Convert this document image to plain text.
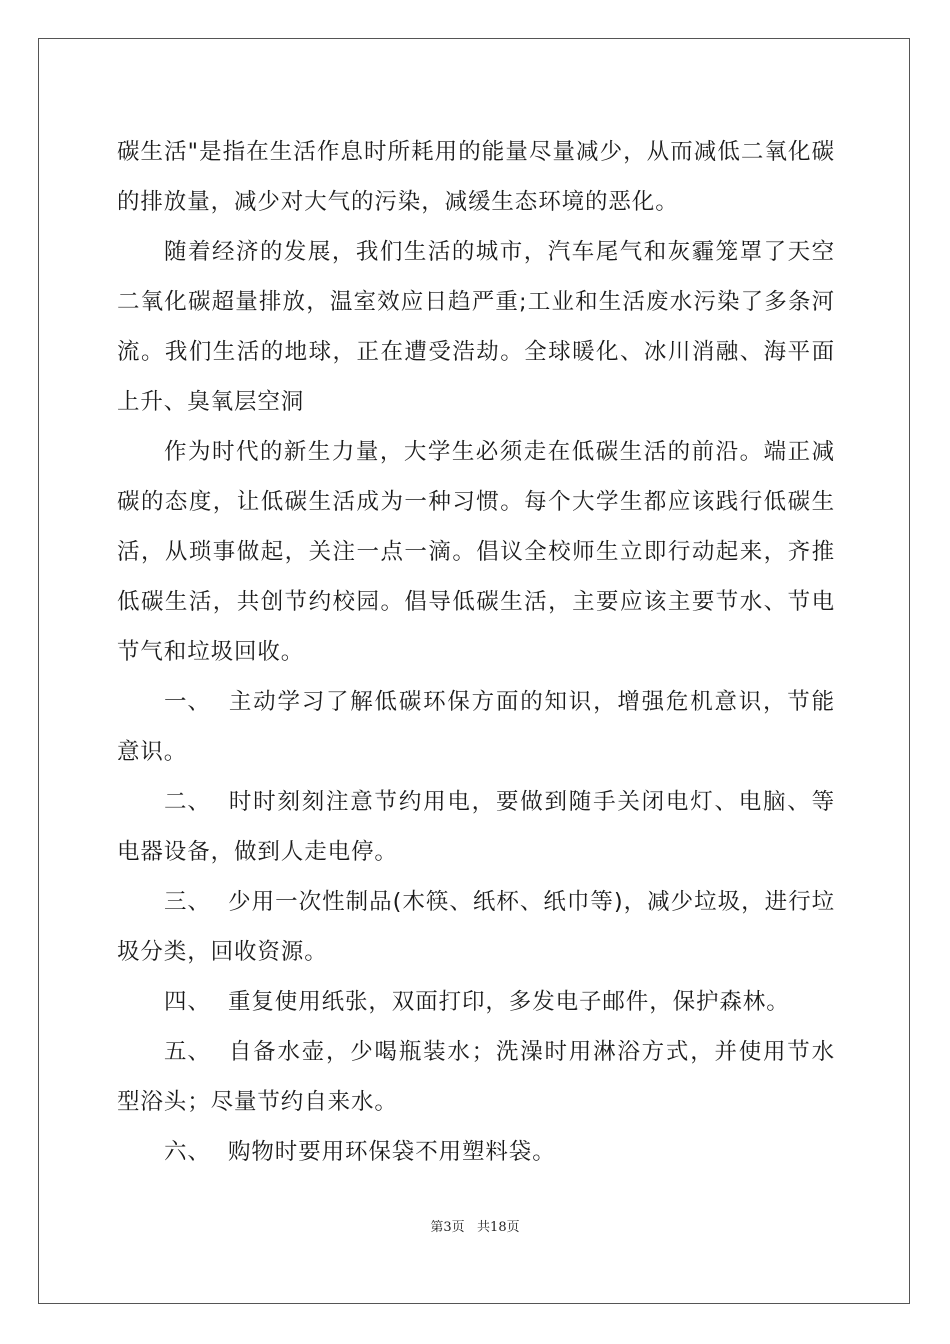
碳生活"是指在生活作息时所耗用的能量尽量减少，从而减低二氧化碳的排放量，减少对大气的污染，减缓生态环境的恶化。

随着经济的发展，我们生活的城市，汽车尾气和灰霾笼罩了天空二氧化碳超量排放，温室效应日趋严重;工业和生活废水污染了多条河流。我们生活的地球，正在遭受浩劫。全球暖化、冰川消融、海平面上升、臭氧层空洞

作为时代的新生力量，大学生必须走在低碳生活的前沿。端正减碳的态度，让低碳生活成为一种习惯。每个大学生都应该践行低碳生活，从琐事做起，关注一点一滴。倡议全校师生立即行动起来，齐推低碳生活，共创节约校园。倡导低碳生活，主要应该主要节水、节电节气和垃圾回收。

一、 主动学习了解低碳环保方面的知识，增强危机意识，节能意识。

二、 时时刻刻注意节约用电，要做到随手关闭电灯、电脑、等电器设备，做到人走电停。

三、 少用一次性制品(木筷、纸杯、纸巾等)，减少垃圾，进行垃圾分类，回收资源。

四、 重复使用纸张，双面打印，多发电子邮件，保护森林。

五、 自备水壶，少喝瓶装水；洗澡时用淋浴方式，并使用节水型浴头；尽量节约自来水。

六、 购物时要用环保袋不用塑料袋。

第3页   共18页
